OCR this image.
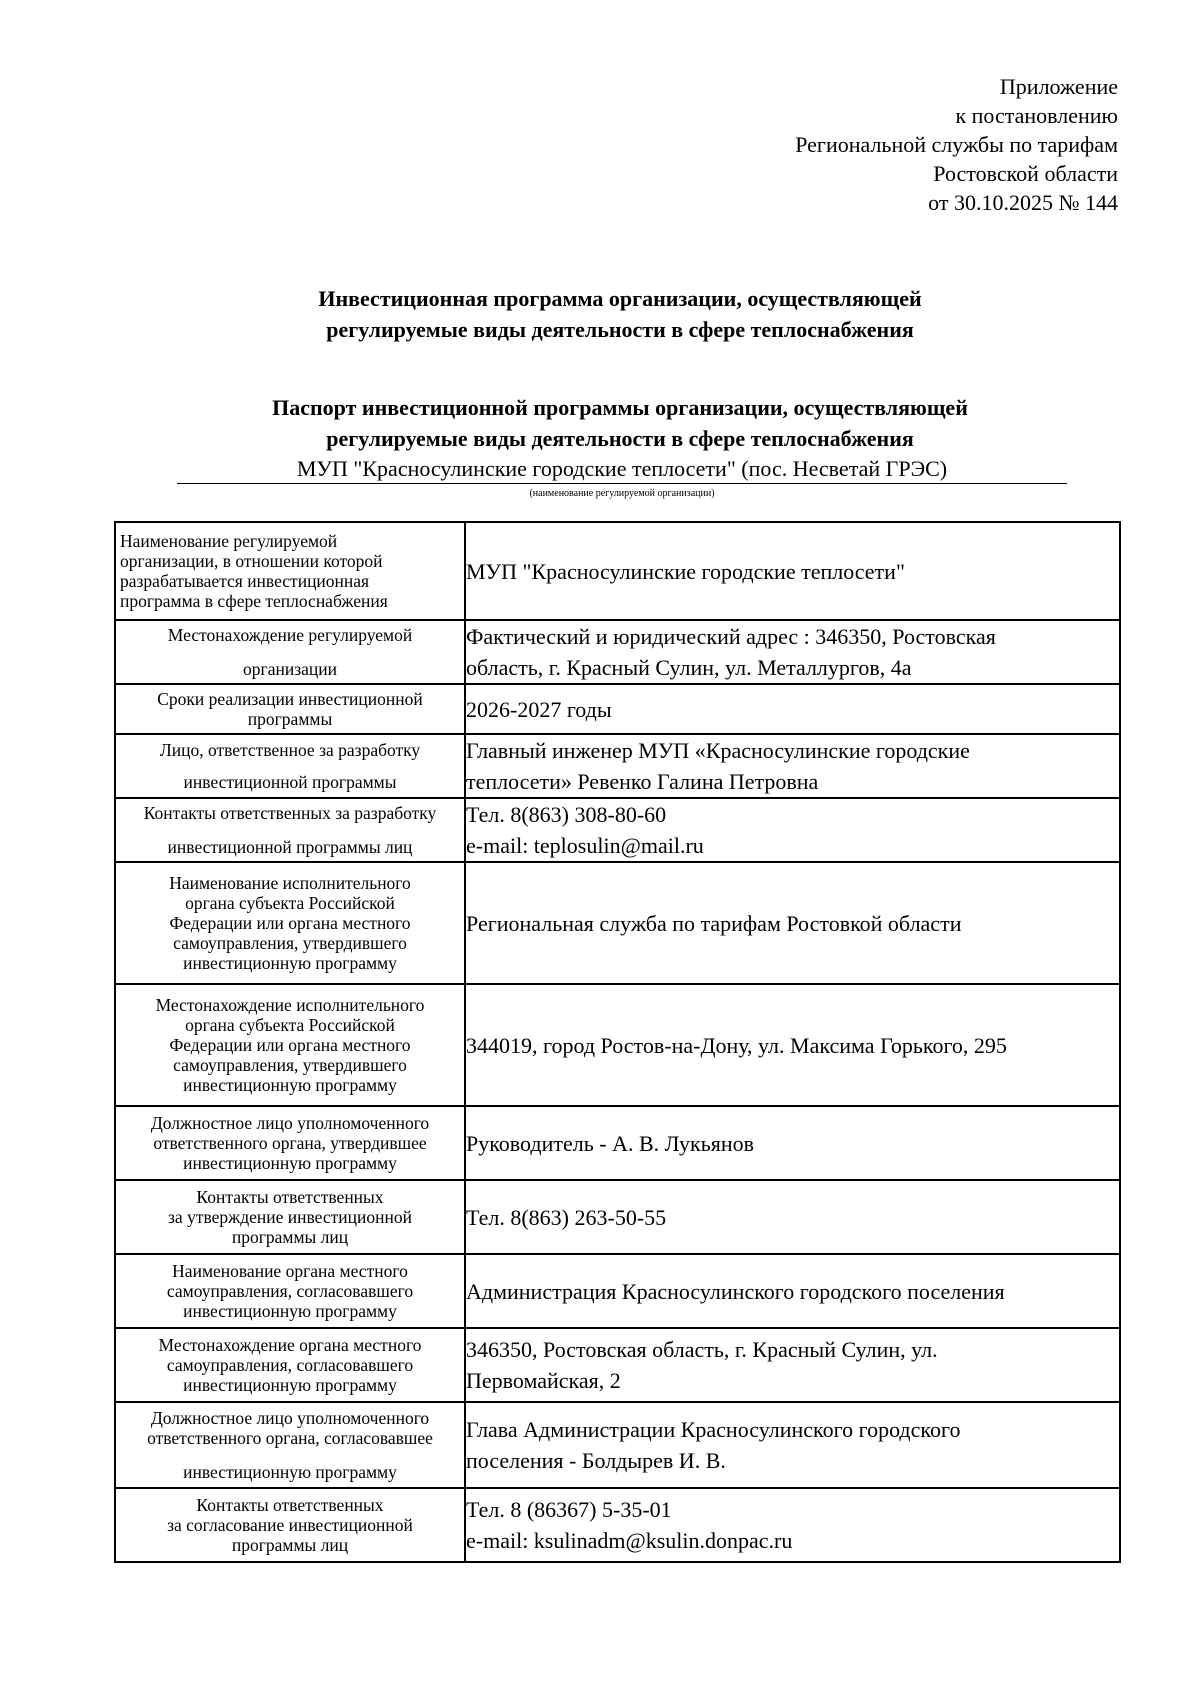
Приложение
к постановлению
Региональной службы по тарифам
Ростовской области
от 30.10.2025 № 144
Инвестиционная программа организации, осуществляющей
регулируемые виды деятельности в сфере теплоснабжения
Паспорт инвестиционной программы организации, осуществляющей
регулируемые виды деятельности в сфере теплоснабжения
МУП "Красносулинские городские теплосети" (пос. Несветай ГРЭС)
(наименование регулируемой организации)
Наименование регулируемой
организации, в отношении которой
разрабатывается инвестиционная
программа в сфере теплоснабжения	МУП "Красносулинские городские теплосети"

Местонахождение регулируемой
организации	Фактический и юридический адрес : 346350, Ростовская
область, г. Красный Сулин, ул. Металлургов, 4а

Сроки реализации инвестиционной
программы	2026-2027 годы

Лицо, ответственное за разработку
инвестиционной программы	Главный инженер МУП «Красносулинские городские
теплосети» Ревенко Галина Петровна

Контакты ответственных за разработку
инвестиционной программы лиц	Тел. 8(863) 308-80-60
e-mail: teplosulin@mail.ru

Наименование исполнительного
органа субъекта Российской
Федерации или органа местного
самоуправления, утвердившего
инвестиционную программу	Региональная служба по тарифам Ростовкой области

Местонахождение исполнительного
органа субъекта Российской
Федерации или органа местного
самоуправления, утвердившего
инвестиционную программу	344019, город Ростов-на-Дону, ул. Максима Горького, 295

Должностное лицо уполномоченного
ответственного органа, утвердившее
инвестиционную программу	Руководитель - А. В. Лукьянов

Контакты ответственных
за утверждение инвестиционной
программы лиц	Тел. 8(863) 263-50-55

Наименование органа местного
самоуправления, согласовавшего
инвестиционную программу	Администрация Красносулинского городского поселения

Местонахождение органа местного
самоуправления, согласовавшего
инвестиционную программу	346350, Ростовская область, г. Красный Сулин, ул.
Первомайская, 2

Должностное лицо уполномоченного
ответственного органа, согласовавшее
инвестиционную программу	Глава Администрации Красносулинского городского
поселения - Болдырев И. В.

Контакты ответственных
за согласование инвестиционной
программы лиц	Тел. 8 (86367) 5-35-01
e-mail: ksulinadm@ksulin.donpac.ru
